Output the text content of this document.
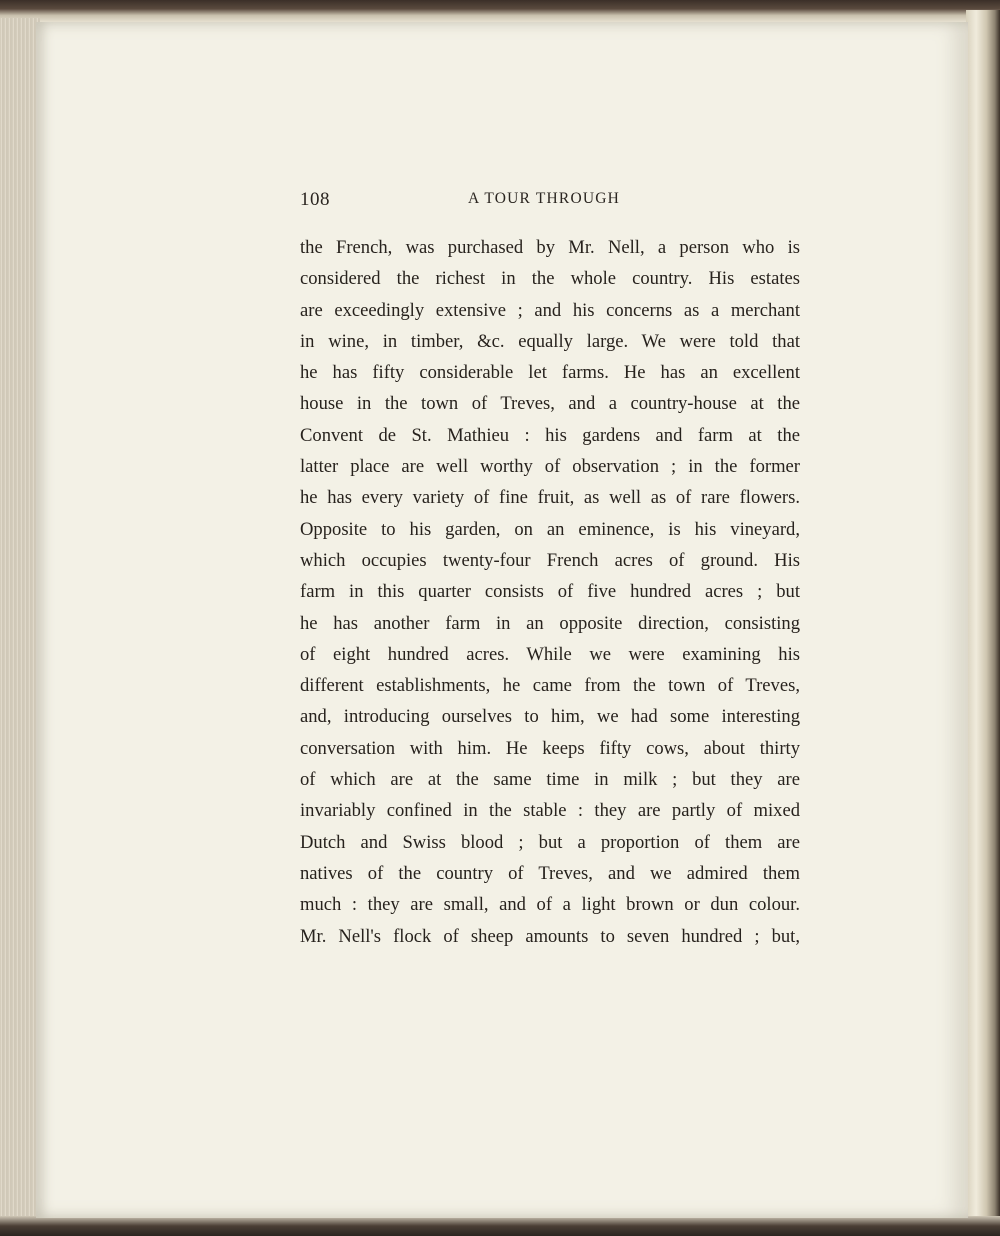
108	A TOUR THROUGH
the French, was purchased by Mr. Nell, a person who is
considered the richest in the whole country. His estates
are exceedingly extensive ; and his concerns as a merchant
in wine, in timber, &c. equally large. We were told that
he has fifty considerable let farms. He has an excellent
house in the town of Treves, and a country-house at the
Convent de St. Mathieu : his gardens and farm at the
latter place are well worthy of observation ; in the former
he has every variety of fine fruit, as well as of rare flowers.
Opposite to his garden, on an eminence, is his vineyard,
which occupies twenty-four French acres of ground. His
farm in this quarter consists of five hundred acres ; but
he has another farm in an opposite direction, consisting
of eight hundred acres. While we were examining his
different establishments, he came from the town of Treves,
and, introducing ourselves to him, we had some interesting
conversation with him. He keeps fifty cows, about thirty
of which are at the same time in milk ; but they are
invariably confined in the stable : they are partly of mixed
Dutch and Swiss blood ; but a proportion of them are
natives of the country of Treves, and we admired them
much : they are small, and of a light brown or dun colour.
Mr. Nell's flock of sheep amounts to seven hundred ; but,
